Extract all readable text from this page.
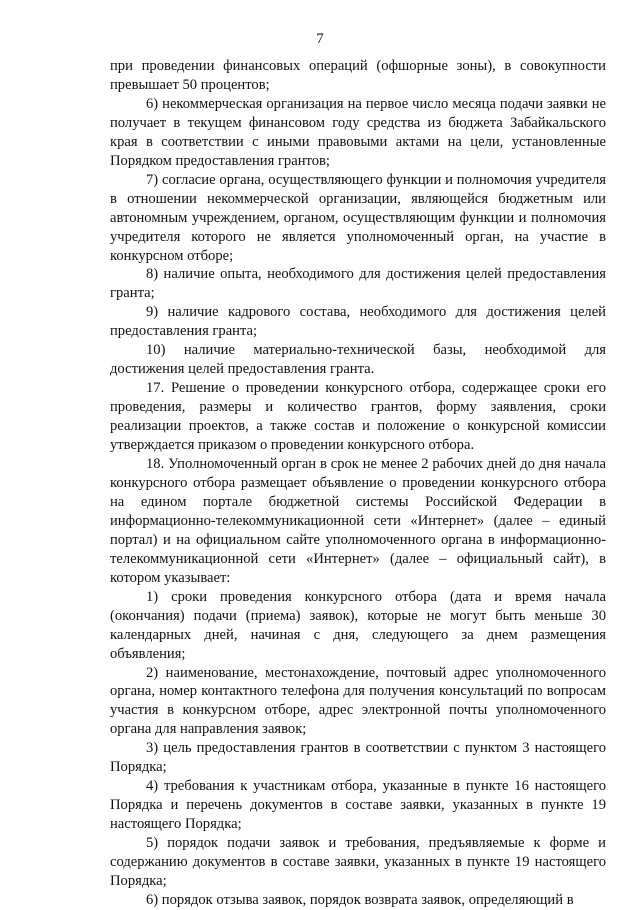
7

при проведении финансовых операций (офшорные зоны), в совокупности превышает 50 процентов;

6) некоммерческая организация на первое число месяца подачи заявки не получает в текущем финансовом году средства из бюджета Забайкальского края в соответствии с иными правовыми актами на цели, установленные Порядком предоставления грантов;

7) согласие органа, осуществляющего функции и полномочия учредителя в отношении некоммерческой организации, являющейся бюджетным или автономным учреждением, органом, осуществляющим функции и полномочия учредителя которого не является уполномоченный орган, на участие в конкурсном отборе;

8) наличие опыта, необходимого для достижения целей предоставления гранта;

9) наличие кадрового состава, необходимого для достижения целей предоставления гранта;

10) наличие материально-технической базы, необходимой для достижения целей предоставления гранта.

17. Решение о проведении конкурсного отбора, содержащее сроки его проведения, размеры и количество грантов, форму заявления, сроки реализации проектов, а также состав и положение о конкурсной комиссии утверждается приказом о проведении конкурсного отбора.

18. Уполномоченный орган в срок не менее 2 рабочих дней до дня начала конкурсного отбора размещает объявление о проведении конкурсного отбора на едином портале бюджетной системы Российской Федерации в информационно-телекоммуникационной сети «Интернет» (далее – единый портал) и на официальном сайте уполномоченного органа в информационно-телекоммуникационной сети «Интернет» (далее – официальный сайт), в котором указывает:

1) сроки проведения конкурсного отбора (дата и время начала (окончания) подачи (приема) заявок), которые не могут быть меньше 30 календарных дней, начиная с дня, следующего за днем размещения объявления;

2) наименование, местонахождение, почтовый адрес уполномоченного органа, номер контактного телефона для получения консультаций по вопросам участия в конкурсном отборе, адрес электронной почты уполномоченного органа для направления заявок;

3) цель предоставления грантов в соответствии с пунктом 3 настоящего Порядка;

4) требования к участникам отбора, указанные в пункте 16 настоящего Порядка и перечень документов в составе заявки, указанных в пункте 19 настоящего Порядка;

5) порядок подачи заявок и требования, предъявляемые к форме и содержанию документов в составе заявки, указанных в пункте 19 настоящего Порядка;

6) порядок отзыва заявок, порядок возврата заявок, определяющий в
